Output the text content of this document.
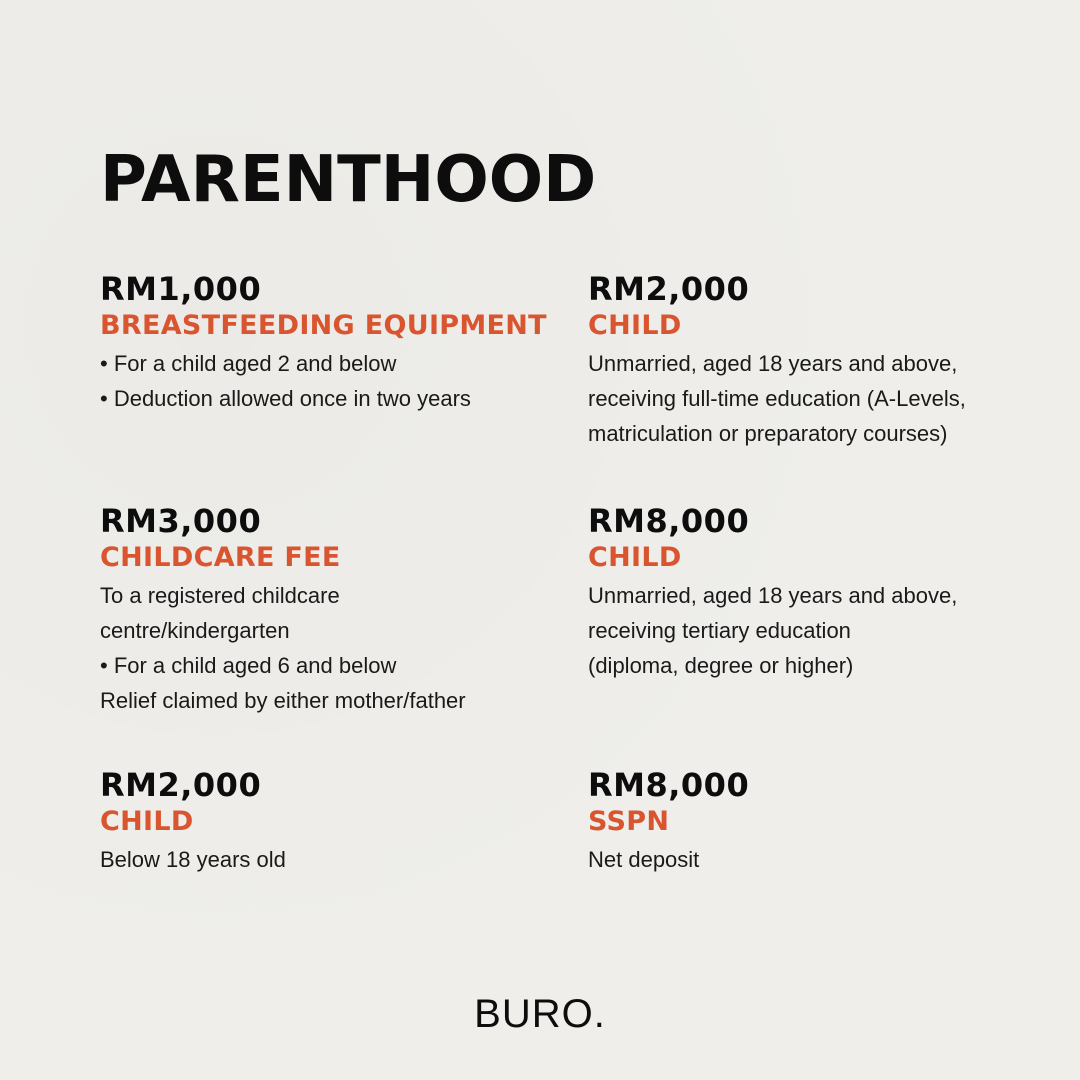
PARENTHOOD

RM1,000

BREASTFEEDING EQUIPMENT

• For a child aged 2 and below

• Deduction allowed once in two years

RM2,000

CHILD

Unmarried, aged 18 years and above,

receiving full-time education (A-Levels,

matriculation or preparatory courses)

RM3,000

CHILDCARE FEE

To a registered childcare

centre/kindergarten

• For a child aged 6 and below

Relief claimed by either mother/father

RM8,000

CHILD

Unmarried, aged 18 years and above,

receiving tertiary education

(diploma, degree or higher)

RM2,000

CHILD

Below 18 years old

RM8,000

SSPN

Net deposit

BURO.
